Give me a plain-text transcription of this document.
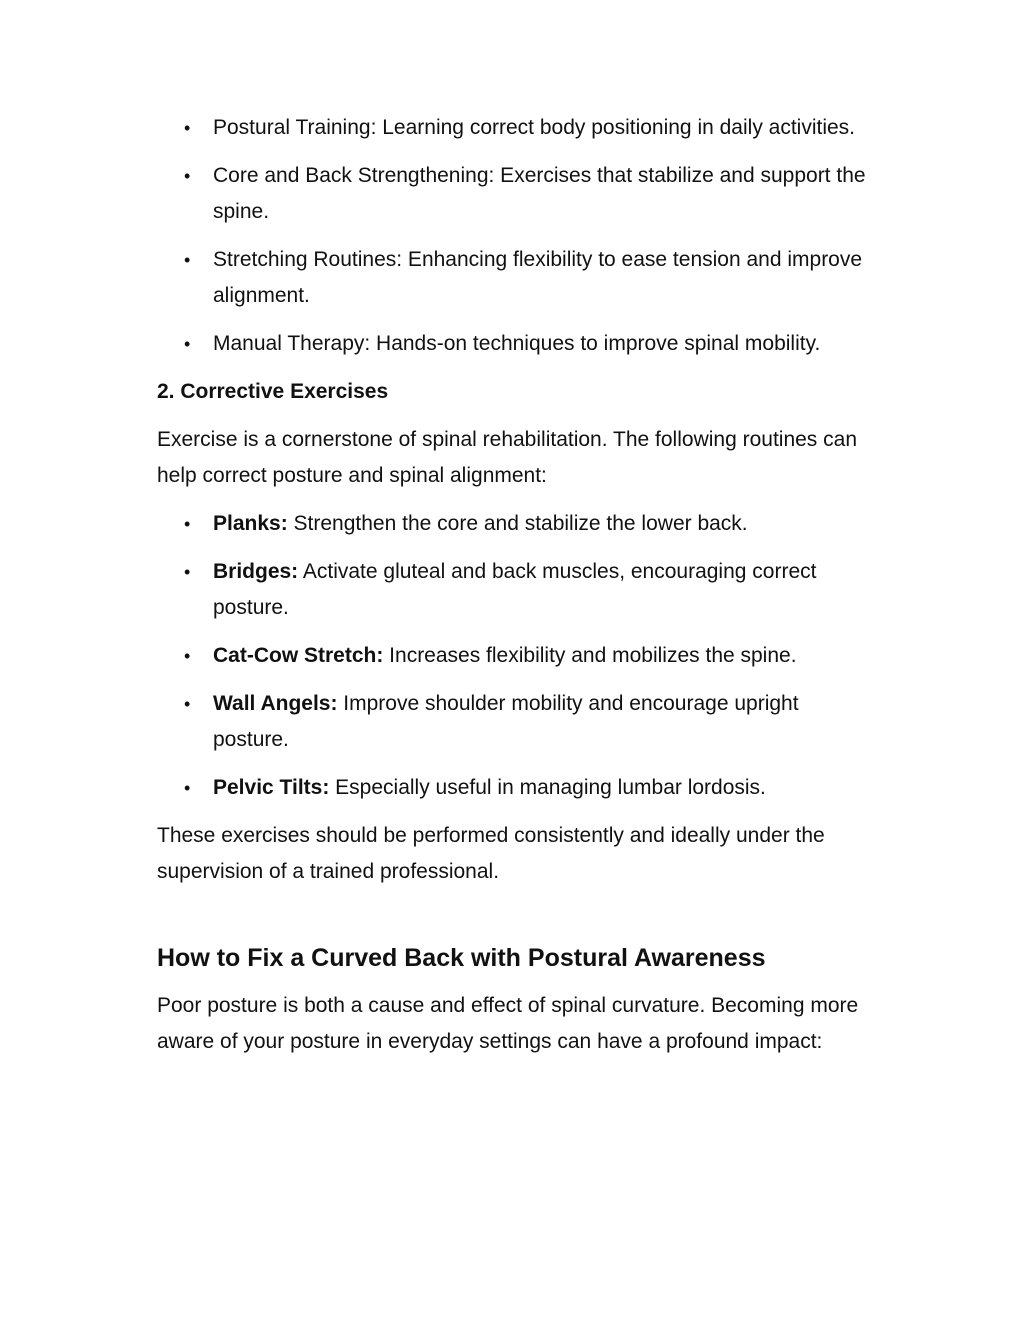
• Postural Training: Learning correct body positioning in daily activities.
• Core and Back Strengthening: Exercises that stabilize and support the spine.
• Stretching Routines: Enhancing flexibility to ease tension and improve alignment.
• Manual Therapy: Hands-on techniques to improve spinal mobility.
2. Corrective Exercises

Exercise is a cornerstone of spinal rehabilitation. The following routines can help correct posture and spinal alignment:

• Planks: Strengthen the core and stabilize the lower back.
• Bridges: Activate gluteal and back muscles, encouraging correct posture.
• Cat-Cow Stretch: Increases flexibility and mobilizes the spine.
• Wall Angels: Improve shoulder mobility and encourage upright posture.
• Pelvic Tilts: Especially useful in managing lumbar lordosis.

These exercises should be performed consistently and ideally under the supervision of a trained professional.

How to Fix a Curved Back with Postural Awareness

Poor posture is both a cause and effect of spinal curvature. Becoming more aware of your posture in everyday settings can have a profound impact:
